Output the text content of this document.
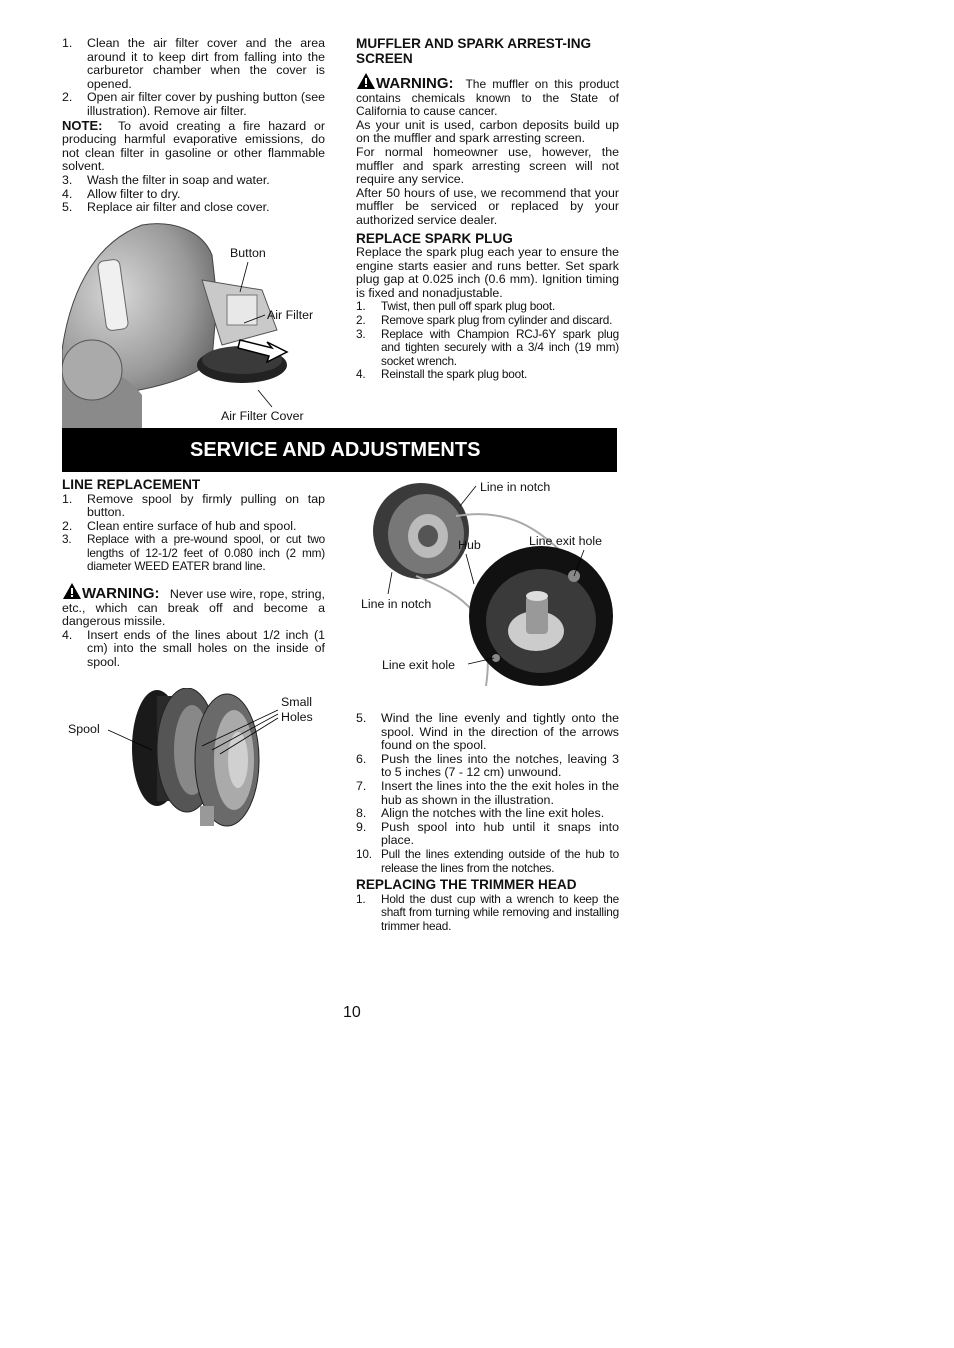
1. Clean the air filter cover and the area around it to keep dirt from falling into the carburetor chamber when the cover is opened.
2. Open air filter cover by pushing button (see illustration). Remove air filter.

NOTE: To avoid creating a fire hazard or producing harmful evaporative emissions, do not clean filter in gasoline or other flammable solvent.

3. Wash the filter in soap and water.
4. Allow filter to dry.
5. Replace air filter and close cover.
Button
Air Filter
Air Filter Cover

MUFFLER AND SPARK ARREST-ING SCREEN

WARNING: The muffler on this product contains chemicals known to the State of California to cause cancer.

As your unit is used, carbon deposits build up on the muffler and spark arresting screen.

For normal homeowner use, however, the muffler and spark arresting screen will not require any service.

After 50 hours of use, we recommend that your muffler be serviced or replaced by your authorized service dealer.

REPLACE SPARK PLUG

Replace the spark plug each year to ensure the engine starts easier and runs better. Set spark plug gap at 0.025 inch (0.6 mm). Ignition timing is fixed and nonadjustable.

1. Twist, then pull off spark plug boot.
2. Remove spark plug from cylinder and discard.
3. Replace with Champion RCJ-6Y spark plug and tighten securely with a 3/4 inch (19 mm) socket wrench.
4. Reinstall the spark plug boot.
SERVICE AND ADJUSTMENTS

LINE REPLACEMENT

1. Remove spool by firmly pulling on tap button.
2. Clean entire surface of hub and spool.
3. Replace with a pre-wound spool, or cut two lengths of 12-1/2 feet of 0.080 inch (2 mm) diameter WEED EATER brand line.

WARNING: Never use wire, rope, string, etc., which can break off and become a dangerous missile.

4. Insert ends of the lines about 1/2 inch (1 cm) into the small holes on the inside of spool.
Spool
Small
Holes
Line in notch
Hub	Line exit hole
Line in notch
Line exit hole
5. Wind the line evenly and tightly onto the spool. Wind in the direction of the arrows found on the spool.
6. Push the lines into the notches, leaving 3 to 5 inches (7 - 12 cm) unwound.
7. Insert the lines into the the exit holes in the hub as shown in the illustration.
8. Align the notches with the line exit holes.
9. Push spool into hub until it snaps into place.
10. Pull the lines extending outside of the hub to release the lines from the notches.

REPLACING THE TRIMMER HEAD

1. Hold the dust cup with a wrench to keep the shaft from turning while removing and installing trimmer head.
10
